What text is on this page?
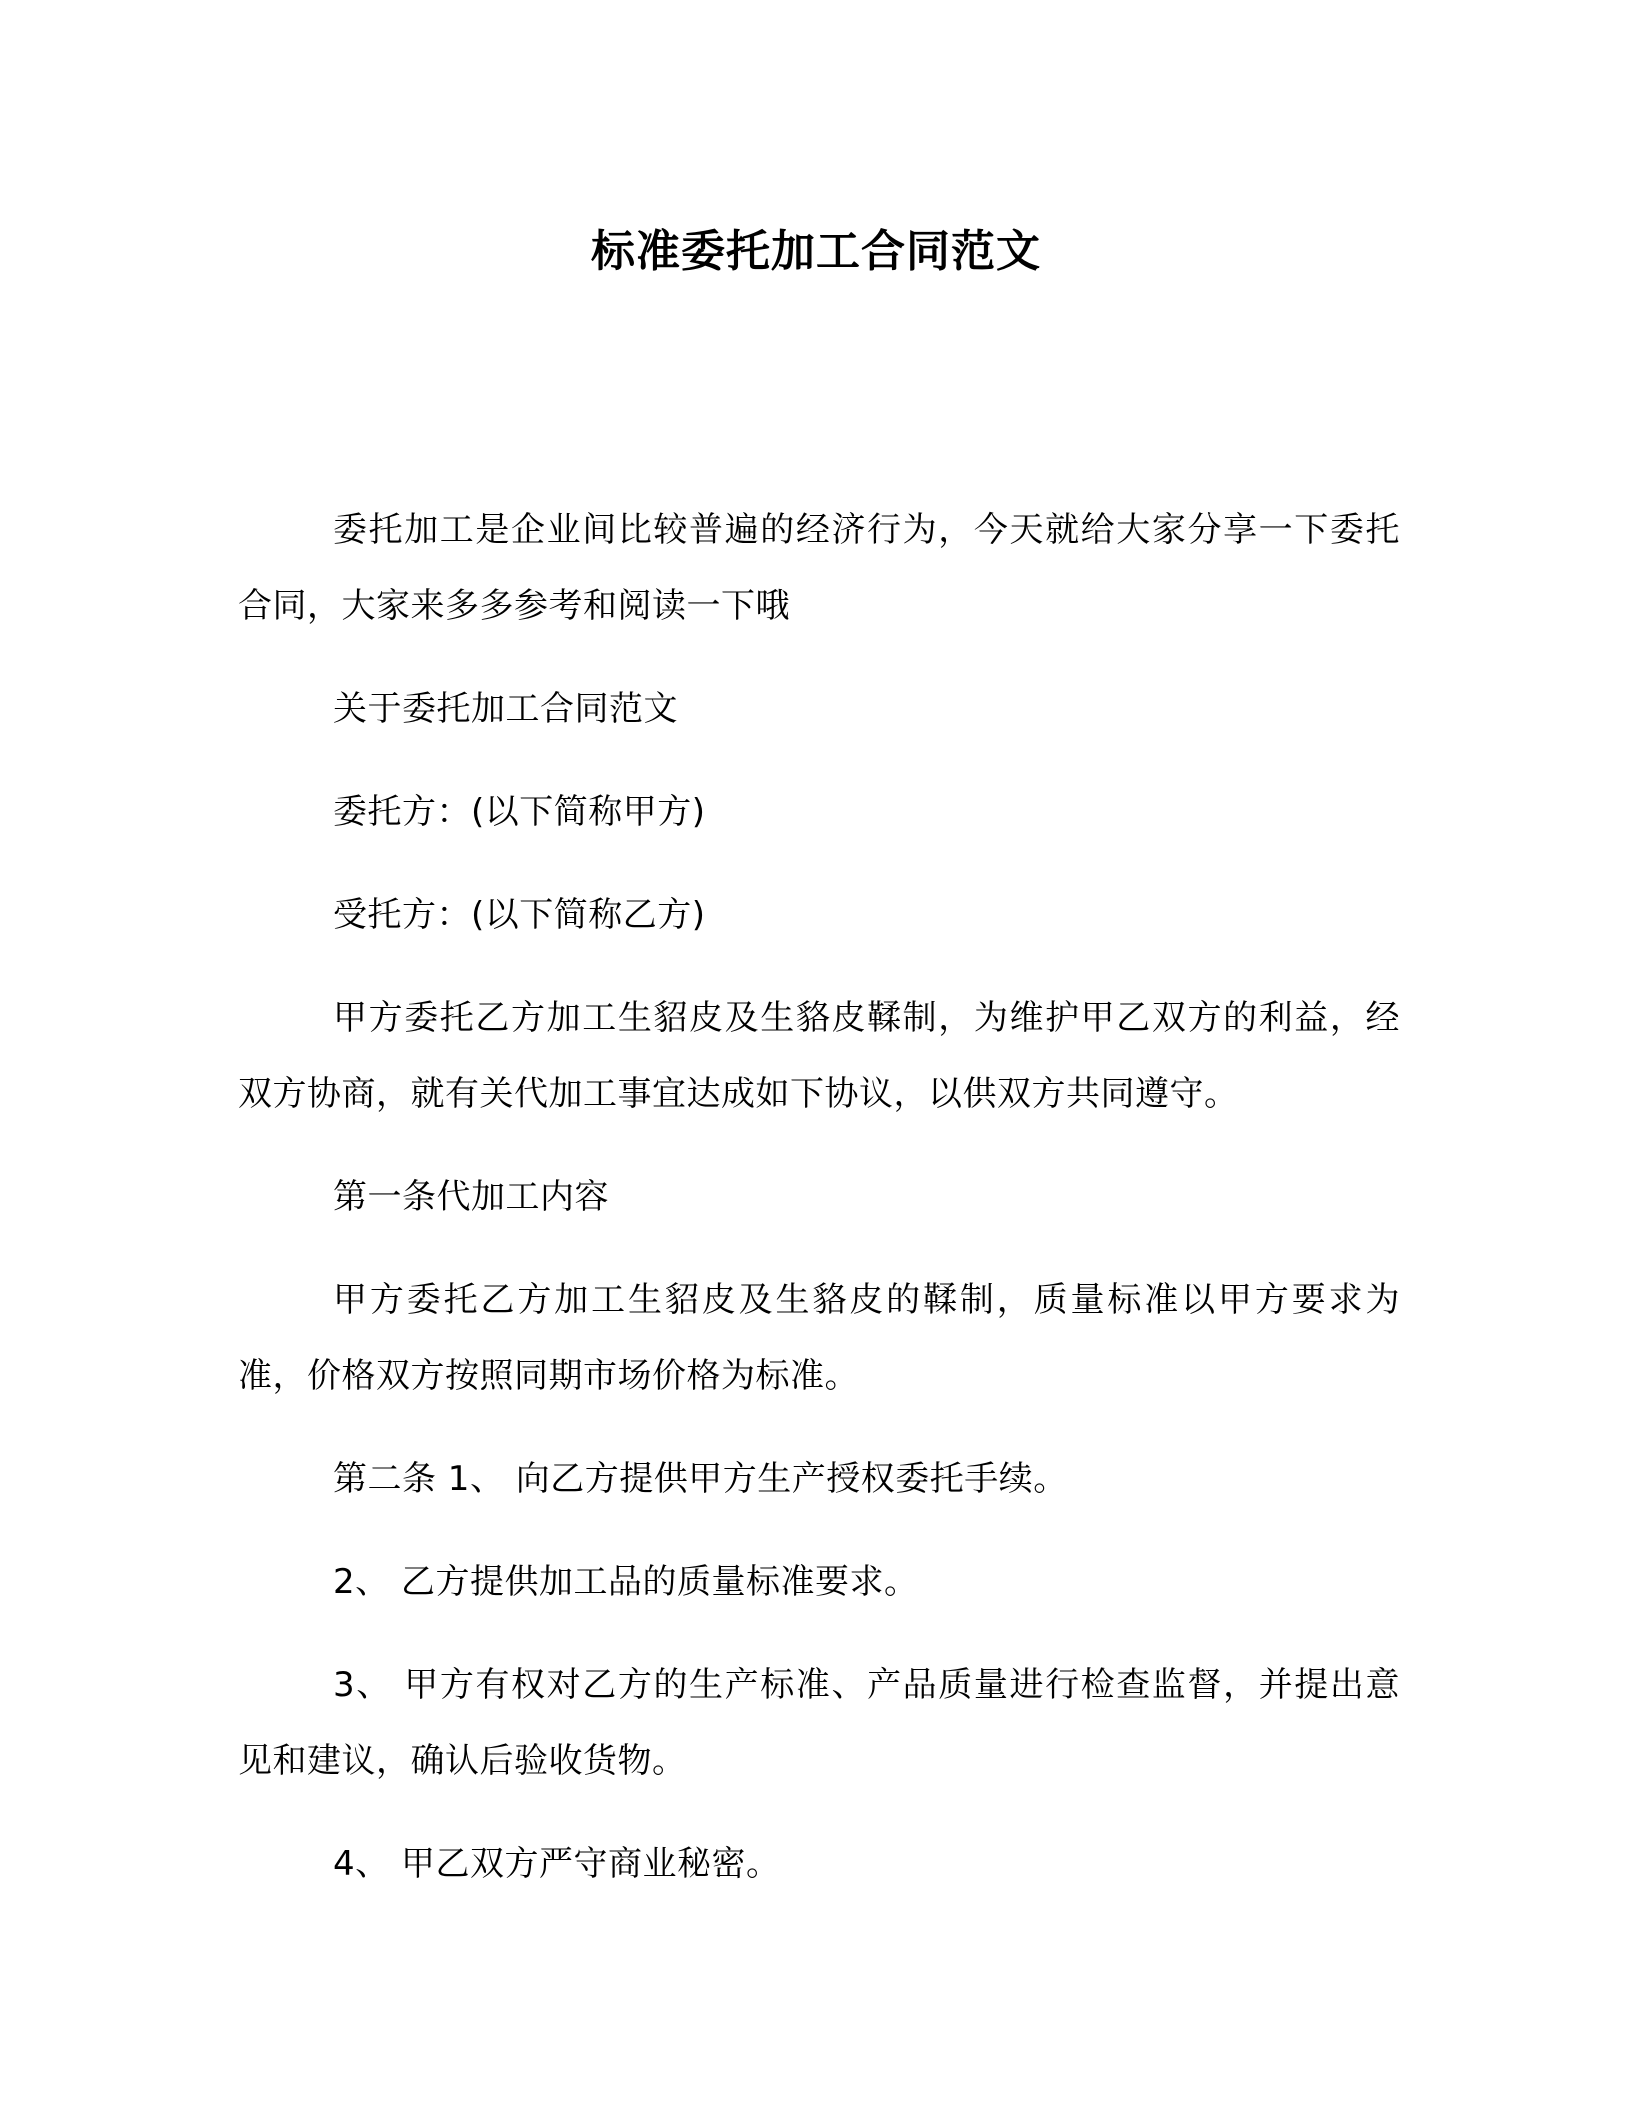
标准委托加工合同范文

委托加工是企业间比较普遍的经济行为，今天就给大家分享一下委托合同，大家来多多参考和阅读一下哦

关于委托加工合同范文

委托方：(以下简称甲方)

受托方：(以下简称乙方)

甲方委托乙方加工生貂皮及生貉皮鞣制，为维护甲乙双方的利益，经双方协商，就有关代加工事宜达成如下协议，以供双方共同遵守。

第一条代加工内容

甲方委托乙方加工生貂皮及生貉皮的鞣制，质量标准以甲方要求为准，价格双方按照同期市场价格为标准。

第二条 1、 向乙方提供甲方生产授权委托手续。

2、 乙方提供加工品的质量标准要求。

3、 甲方有权对乙方的生产标准、产品质量进行检查监督，并提出意见和建议，确认后验收货物。

4、 甲乙双方严守商业秘密。
